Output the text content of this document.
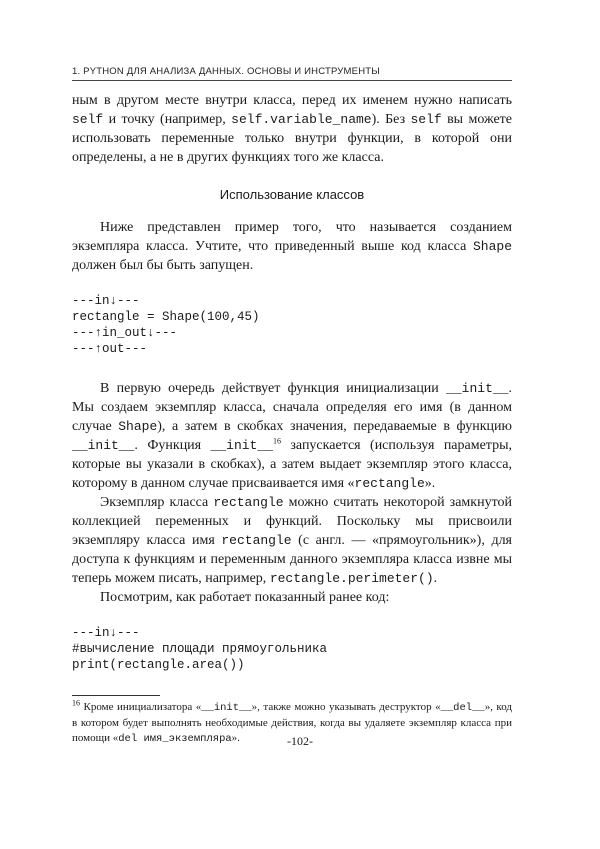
1. PYTHON ДЛЯ АНАЛИЗА ДАННЫХ. ОСНОВЫ И ИНСТРУМЕНТЫ

ным в другом месте внутри класса, перед их именем нужно написать self и точку (например, self.variable_name). Без self вы можете использовать переменные только внутри функции, в которой они определены, а не в других функциях того же класса.

Использование классов

Ниже представлен пример того, что называется созданием экземпляра класса. Учтите, что приведенный выше код класса Shape должен был бы быть запущен.

---in↓---
rectangle = Shape(100,45)
---↑in_out↓---
---↑out---

В первую очередь действует функция инициализации __init__. Мы создаем экземпляр класса, сначала определяя его имя (в данном случае Shape), а затем в скобках значения, передаваемые в функцию __init__. Функция __init__$^{16}$ запускается (используя параметры, которые вы указали в скобках), а затем выдает экземпляр этого класса, которому в данном случае присваивается имя «rectangle».

Экземпляр класса rectangle можно считать некоторой замкнутой коллекцией переменных и функций. Поскольку мы присвоили экземпляру класса имя rectangle (с англ. — «прямоугольник»), для доступа к функциям и переменным данного экземпляра класса извне мы теперь можем писать, например, rectangle.perimeter().

Посмотрим, как работает показанный ранее код:

---in↓---
#вычисление площади прямоугольника
print(rectangle.area())
$^{16}$ Кроме инициализатора «__init__», также можно указывать деструктор «__del__», код в котором будет выполнять необходимые действия, когда вы удаляете экземпляр класса при помощи «del имя_экземпляра».	-102-
